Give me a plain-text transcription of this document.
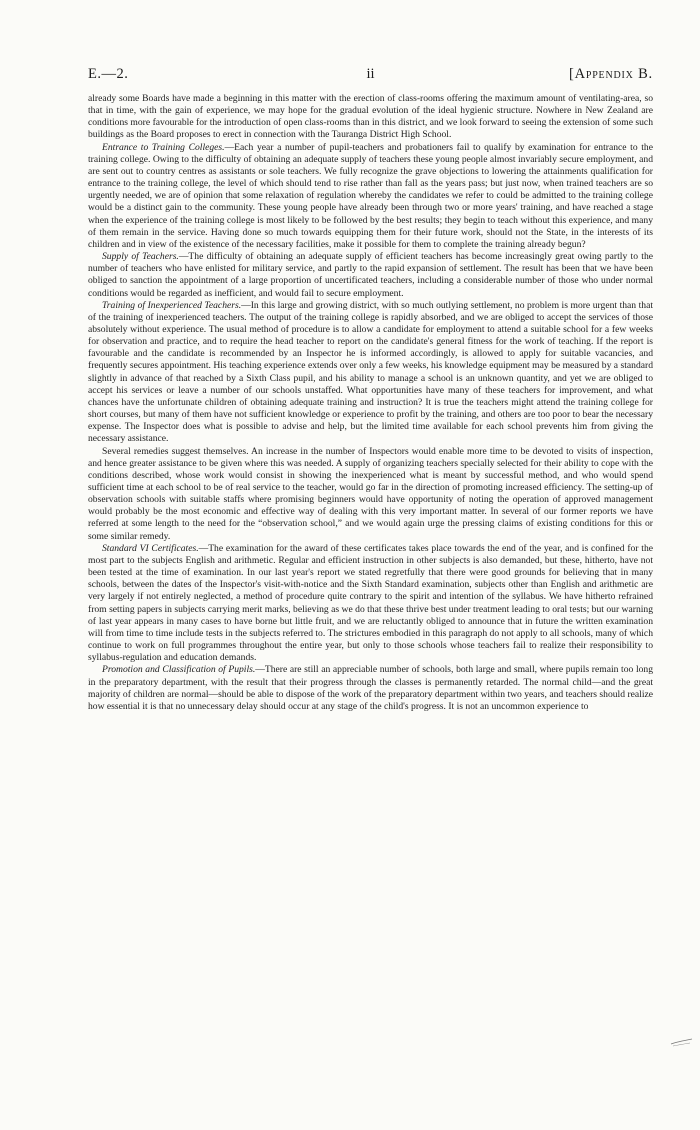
E.—2.	ii	[Appendix B.

already some Boards have made a beginning in this matter with the erection of class-rooms offering the maximum amount of ventilating-area, so that in time, with the gain of experience, we may hope for the gradual evolution of the ideal hygienic structure. Nowhere in New Zealand are conditions more favourable for the introduction of open class-rooms than in this district, and we look forward to seeing the extension of some such buildings as the Board proposes to erect in connection with the Tauranga District High School.

Entrance to Training Colleges.—Each year a number of pupil-teachers and probationers fail to qualify by examination for entrance to the training college. Owing to the difficulty of obtaining an adequate supply of teachers these young people almost invariably secure employment, and are sent out to country centres as assistants or sole teachers. We fully recognize the grave objections to lowering the attainments qualification for entrance to the training college, the level of which should tend to rise rather than fall as the years pass; but just now, when trained teachers are so urgently needed, we are of opinion that some relaxation of regulation whereby the candidates we refer to could be admitted to the training college would be a distinct gain to the community. These young people have already been through two or more years' training, and have reached a stage when the experience of the training college is most likely to be followed by the best results; they begin to teach without this experience, and many of them remain in the service. Having done so much towards equipping them for their future work, should not the State, in the interests of its children and in view of the existence of the necessary facilities, make it possible for them to complete the training already begun?

Supply of Teachers.—The difficulty of obtaining an adequate supply of efficient teachers has become increasingly great owing partly to the number of teachers who have enlisted for military service, and partly to the rapid expansion of settlement. The result has been that we have been obliged to sanction the appointment of a large proportion of uncertificated teachers, including a considerable number of those who under normal conditions would be regarded as inefficient, and would fail to secure employment.

Training of Inexperienced Teachers.—In this large and growing district, with so much outlying settlement, no problem is more urgent than that of the training of inexperienced teachers. The output of the training college is rapidly absorbed, and we are obliged to accept the services of those absolutely without experience. The usual method of procedure is to allow a candidate for employment to attend a suitable school for a few weeks for observation and practice, and to require the head teacher to report on the candidate's general fitness for the work of teaching. If the report is favourable and the candidate is recommended by an Inspector he is informed accordingly, is allowed to apply for suitable vacancies, and frequently secures appointment. His teaching experience extends over only a few weeks, his knowledge equipment may be measured by a standard slightly in advance of that reached by a Sixth Class pupil, and his ability to manage a school is an unknown quantity, and yet we are obliged to accept his services or leave a number of our schools unstaffed. What opportunities have many of these teachers for improvement, and what chances have the unfortunate children of obtaining adequate training and instruction? It is true the teachers might attend the training college for short courses, but many of them have not sufficient knowledge or experience to profit by the training, and others are too poor to bear the necessary expense. The Inspector does what is possible to advise and help, but the limited time available for each school prevents him from giving the necessary assistance.

Several remedies suggest themselves. An increase in the number of Inspectors would enable more time to be devoted to visits of inspection, and hence greater assistance to be given where this was needed. A supply of organizing teachers specially selected for their ability to cope with the conditions described, whose work would consist in showing the inexperienced what is meant by successful method, and who would spend sufficient time at each school to be of real service to the teacher, would go far in the direction of promoting increased efficiency. The setting-up of observation schools with suitable staffs where promising beginners would have opportunity of noting the operation of approved management would probably be the most economic and effective way of dealing with this very important matter. In several of our former reports we have referred at some length to the need for the “observation school,” and we would again urge the pressing claims of existing conditions for this or some similar remedy.

Standard VI Certificates.—The examination for the award of these certificates takes place towards the end of the year, and is confined for the most part to the subjects English and arithmetic. Regular and efficient instruction in other subjects is also demanded, but these, hitherto, have not been tested at the time of examination. In our last year's report we stated regretfully that there were good grounds for believing that in many schools, between the dates of the Inspector's visit-with-notice and the Sixth Standard examination, subjects other than English and arithmetic are very largely if not entirely neglected, a method of procedure quite contrary to the spirit and intention of the syllabus. We have hitherto refrained from setting papers in subjects carrying merit marks, believing as we do that these thrive best under treatment leading to oral tests; but our warning of last year appears in many cases to have borne but little fruit, and we are reluctantly obliged to announce that in future the written examination will from time to time include tests in the subjects referred to. The strictures embodied in this paragraph do not apply to all schools, many of which continue to work on full programmes throughout the entire year, but only to those schools whose teachers fail to realize their responsibility to syllabus-regulation and education demands.

Promotion and Classification of Pupils.—There are still an appreciable number of schools, both large and small, where pupils remain too long in the preparatory department, with the result that their progress through the classes is permanently retarded. The normal child—and the great majority of children are normal—should be able to dispose of the work of the preparatory department within two years, and teachers should realize how essential it is that no unnecessary delay should occur at any stage of the child's progress. It is not an uncommon experience to
